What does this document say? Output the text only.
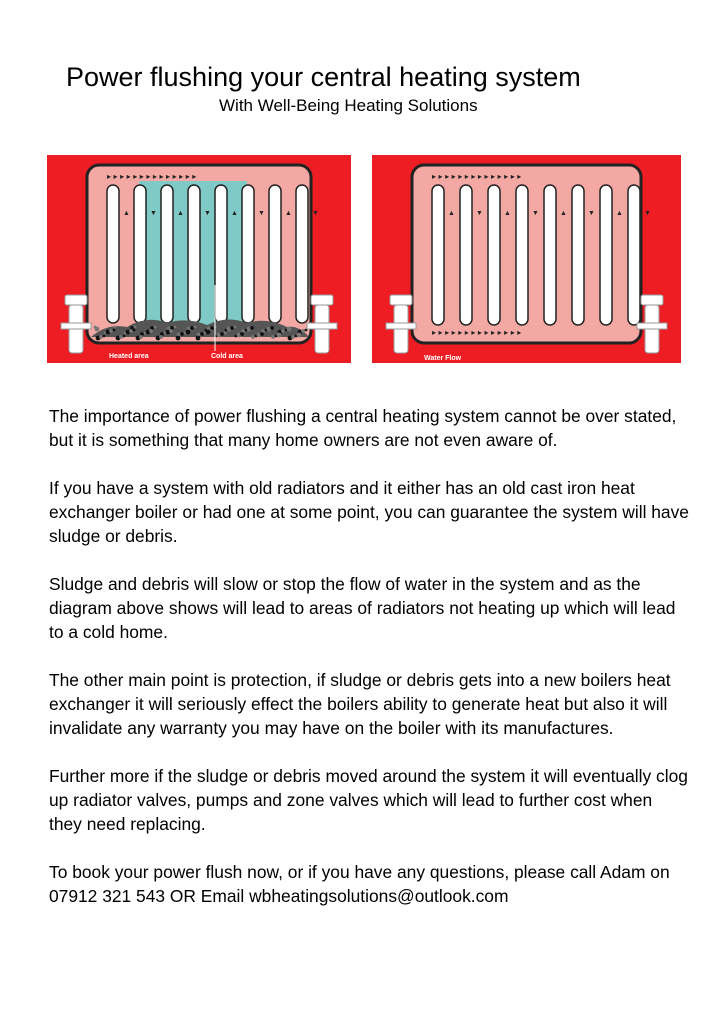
Power flushing your central heating system
With Well-Being Heating Solutions
▲	▼	▲	▼	▲	▼	▲	▼
▸ ▸ ▸ ▸ ▸ ▸ ▸ ▸ ▸ ▸ ▸ ▸ ▸ ▸
Heated area	Cold area
▲	▼	▲	▼	▲	▼	▲	▼
▸ ▸ ▸ ▸ ▸ ▸ ▸ ▸ ▸ ▸ ▸ ▸ ▸ ▸
▸ ▸ ▸ ▸ ▸ ▸ ▸ ▸ ▸ ▸ ▸ ▸ ▸ ▸
Water Flow

The importance of power flushing a central heating system cannot be over stated, but it is something that many home owners are not even aware of.

If you have a system with old radiators and it either has an old cast iron heat exchanger boiler or had one at some point, you can guarantee the system will have sludge or debris.

Sludge and debris will slow or stop the flow of water in the system and as the diagram above shows will lead to areas of radiators not heating up which will lead to a cold home.

The other main point is protection, if sludge or debris gets into a new boilers heat exchanger it will seriously effect the boilers ability to generate heat but also it will invalidate any warranty you may have on the boiler with its manufactures.

Further more if the sludge or debris moved around the system it will eventually clog up radiator valves, pumps and zone valves which will lead to further cost when they need replacing.

To book your power flush now, or if you have any questions, please call Adam on 07912 321 543 OR Email wbheatingsolutions@outlook.com
